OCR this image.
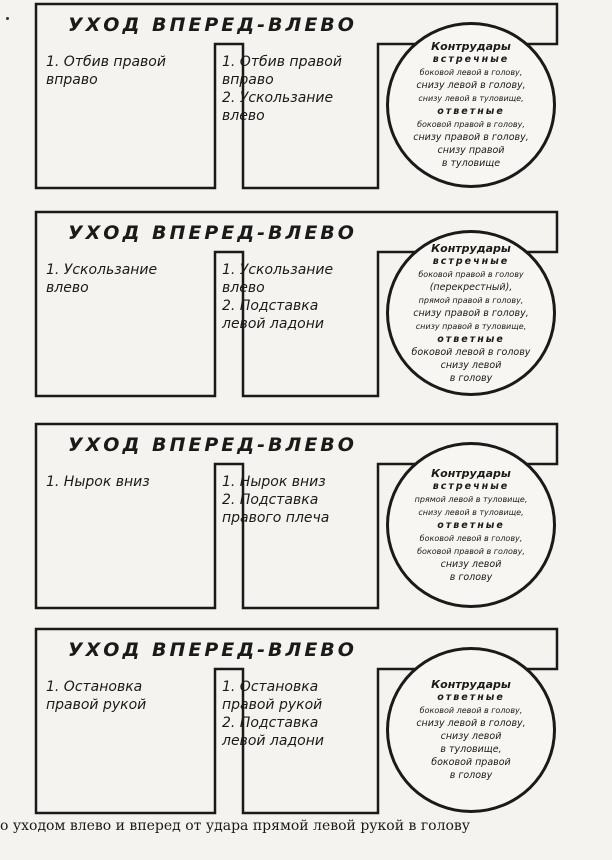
УХОД ВПЕРЕД-ВЛЕВО
1. Отбив правой
вправо
1. Отбив правой
вправо
2. Ускользание
влево
Контрудары
встречные
боковой левой в голову,
снизу левой в голову,
снизу левой в туловище,
ответные
боковой правой в голову,
снизу правой в голову,
снизу правой
в туловище
УХОД ВПЕРЕД-ВЛЕВО
1. Ускользание
влево
1. Ускользание
влево
2. Подставка
левой ладони
Контрудары
встречные
боковой правой в голову
(перекрестный),
прямой правой в голову,
снизу правой в голову,
снизу правой в туловище,
ответные
боковой левой в голову
снизу левой
в голову
УХОД ВПЕРЕД-ВЛЕВО
1. Нырок вниз	1. Нырок вниз
2. Подставка
правого плеча
Контрудары
встречные
прямой левой в туловище,
снизу левой в туловище,
ответные
боковой левой в голову,
боковой правой в голову,
снизу левой
в голову
УХОД ВПЕРЕД-ВЛЕВО
1. Остановка
правой рукой
1. Остановка
правой рукой
2. Подставка
левой ладони
Контрудары
ответные
боковой левой в голову,
снизу левой в голову,
снизу левой
в туловище,
боковой правой
в голову
о уходом влево и вперед от удара прямой левой рукой в голову
